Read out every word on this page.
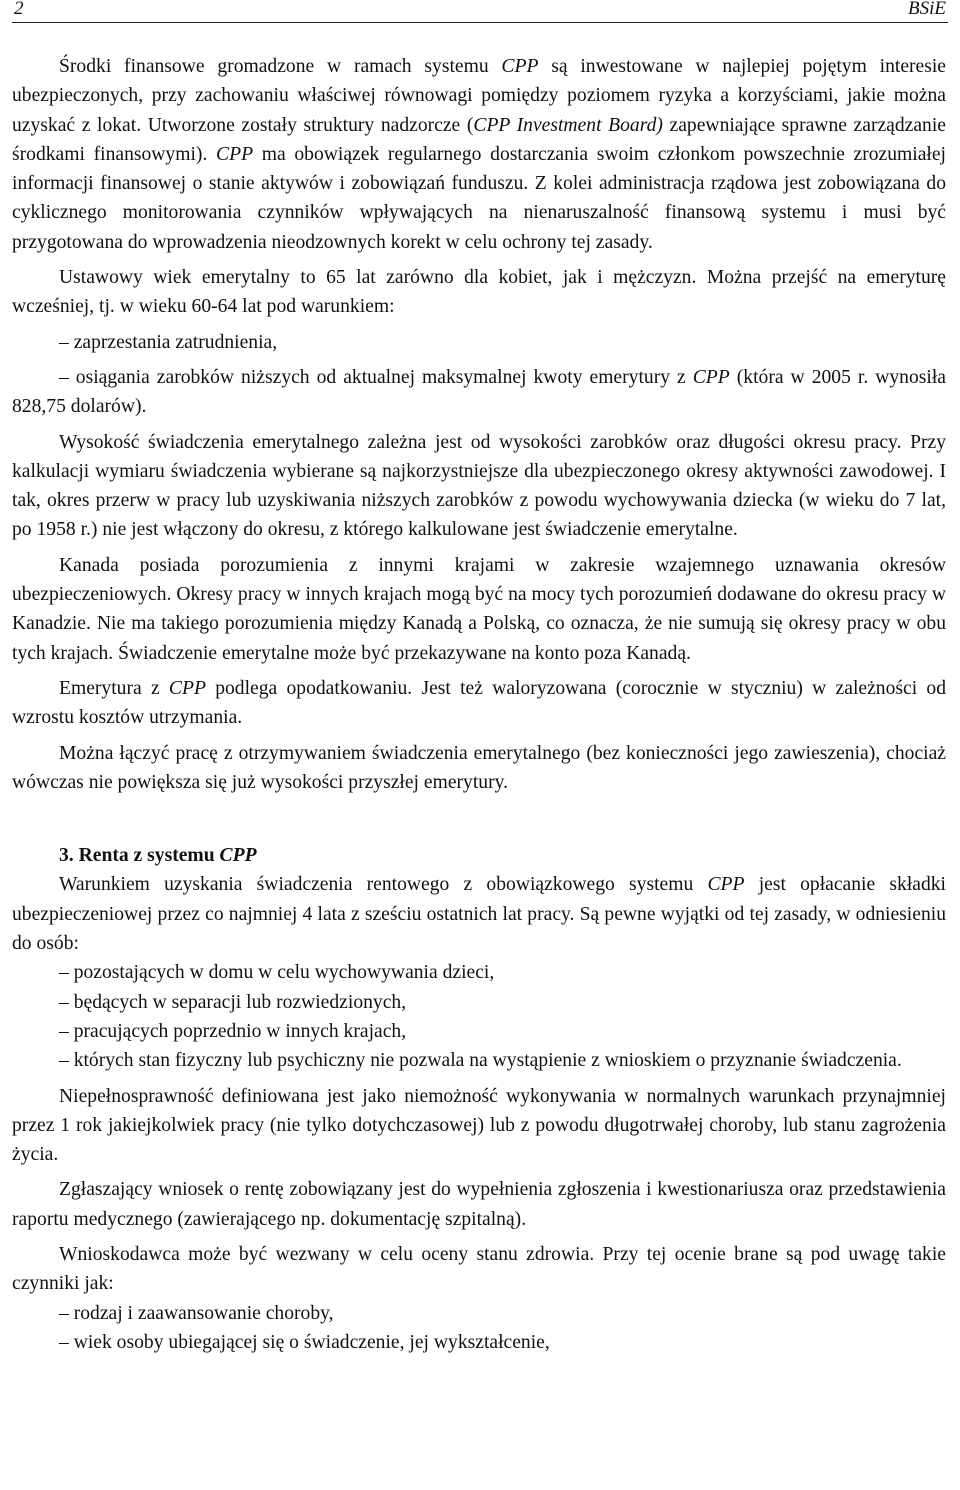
2	BSiE

Środki finansowe gromadzone w ramach systemu CPP są inwestowane w najlepiej pojętym interesie ubezpieczonych, przy zachowaniu właściwej równowagi pomiędzy poziomem ryzyka a korzyściami, jakie można uzyskać z lokat. Utworzone zostały struktury nadzorcze (CPP Investment Board) zapewniające sprawne zarządzanie środkami finansowymi). CPP ma obowiązek regularnego dostarczania swoim członkom powszechnie zrozumiałej informacji finansowej o stanie aktywów i zobowiązań funduszu. Z kolei administracja rządowa jest zobowiązana do cyklicznego monitorowania czynników wpływających na nienaruszalność finansową systemu i musi być przygotowana do wprowadzenia nieodzownych korekt w celu ochrony tej zasady.

Ustawowy wiek emerytalny to 65 lat zarówno dla kobiet, jak i mężczyzn. Można przejść na emeryturę wcześniej, tj. w wieku 60-64 lat pod warunkiem:

– zaprzestania zatrudnienia,

– osiągania zarobków niższych od aktualnej maksymalnej kwoty emerytury z CPP (która w 2005 r. wynosiła 828,75 dolarów).

Wysokość świadczenia emerytalnego zależna jest od wysokości zarobków oraz długości okresu pracy. Przy kalkulacji wymiaru świadczenia wybierane są najkorzystniejsze dla ubezpieczonego okresy aktywności zawodowej. I tak, okres przerw w pracy lub uzyskiwania niższych zarobków z powodu wychowywania dziecka (w wieku do 7 lat, po 1958 r.) nie jest włączony do okresu, z którego kalkulowane jest świadczenie emerytalne.

Kanada posiada porozumienia z innymi krajami w zakresie wzajemnego uznawania okresów ubezpieczeniowych. Okresy pracy w innych krajach mogą być na mocy tych porozumień dodawane do okresu pracy w Kanadzie. Nie ma takiego porozumienia między Kanadą a Polską, co oznacza, że nie sumują się okresy pracy w obu tych krajach. Świadczenie emerytalne może być przekazywane na konto poza Kanadą.

Emerytura z CPP podlega opodatkowaniu. Jest też waloryzowana (corocznie w styczniu) w zależności od wzrostu kosztów utrzymania.

Można łączyć pracę z otrzymywaniem świadczenia emerytalnego (bez konieczności jego zawieszenia), chociaż wówczas nie powiększa się już wysokości przyszłej emerytury.

3. Renta z systemu CPP

Warunkiem uzyskania świadczenia rentowego z obowiązkowego systemu CPP jest opłacanie składki ubezpieczeniowej przez co najmniej 4 lata z sześciu ostatnich lat pracy. Są pewne wyjątki od tej zasady, w odniesieniu do osób:

– pozostających w domu w celu wychowywania dzieci,

– będących w separacji lub rozwiedzionych,

– pracujących poprzednio w innych krajach,

– których stan fizyczny lub psychiczny nie pozwala na wystąpienie z wnioskiem o przyznanie świadczenia.

Niepełnosprawność definiowana jest jako niemożność wykonywania w normalnych warunkach przynajmniej przez 1 rok jakiejkolwiek pracy (nie tylko dotychczasowej) lub z powodu długotrwałej choroby, lub stanu zagrożenia życia.

Zgłaszający wniosek o rentę zobowiązany jest do wypełnienia zgłoszenia i kwestionariusza oraz przedstawienia raportu medycznego (zawierającego np. dokumentację szpitalną).

Wnioskodawca może być wezwany w celu oceny stanu zdrowia. Przy tej ocenie brane są pod uwagę takie czynniki jak:

– rodzaj i zaawansowanie choroby,

– wiek osoby ubiegającej się o świadczenie, jej wykształcenie,
